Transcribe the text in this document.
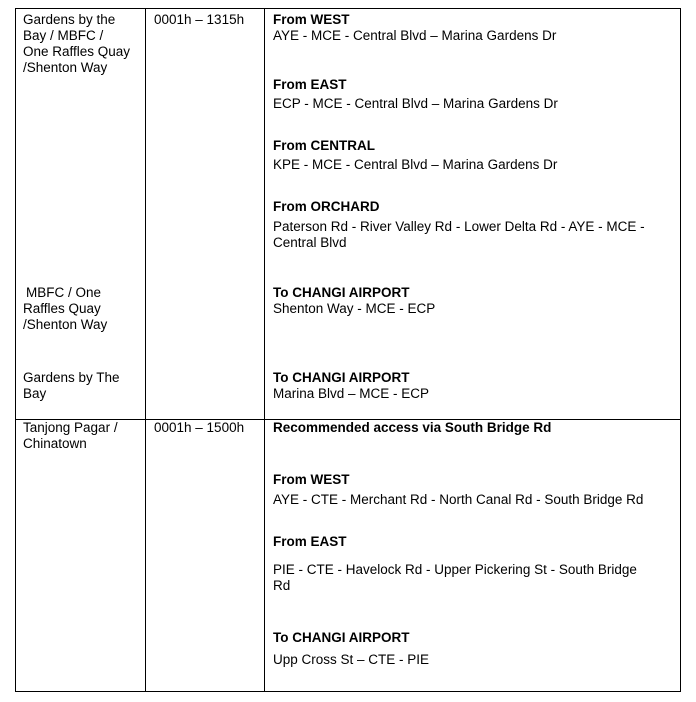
Gardens by the
Bay / MBFC /
One Raffles Quay
/Shenton Way
MBFC / One
Raffles Quay
/Shenton Way
Gardens by The
Bay
0001h – 1315h From WEST
AYE - MCE - Central Blvd – Marina Gardens Dr
From EAST
ECP - MCE - Central Blvd – Marina Gardens Dr
From CENTRAL
KPE - MCE - Central Blvd – Marina Gardens Dr
From ORCHARD
Paterson Rd - River Valley Rd - Lower Delta Rd - AYE - MCE -
Central Blvd
To CHANGI AIRPORT
Shenton Way - MCE - ECP
To CHANGI AIRPORT
Marina Blvd – MCE - ECP
Tanjong Pagar /
Chinatown
0001h – 1500h Recommended access via South Bridge Rd
From WEST
AYE - CTE - Merchant Rd - North Canal Rd - South Bridge Rd
From EAST
PIE - CTE - Havelock Rd - Upper Pickering St - South Bridge
Rd
To CHANGI AIRPORT
Upp Cross St – CTE - PIE
